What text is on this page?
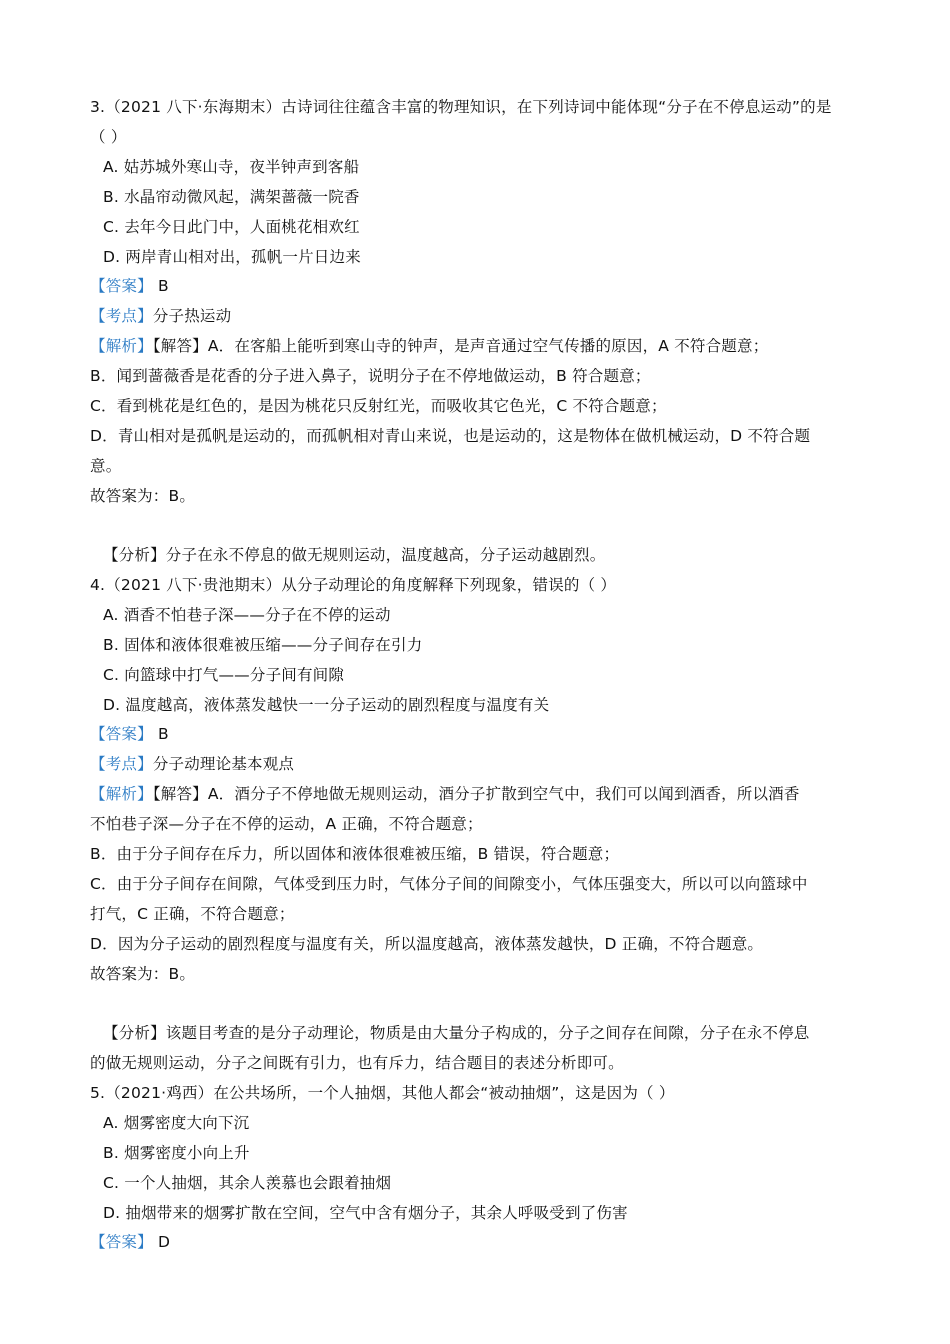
3.（2021 八下·东海期末）古诗词往往蕴含丰富的物理知识，在下列诗词中能体现“分子在不停息运动”的是
（ ）
A. 姑苏城外寒山寺，夜半钟声到客船
B. 水晶帘动微风起，满架蔷薇一院香
C. 去年今日此门中，人面桃花相欢红
D. 两岸青山相对出，孤帆一片日边来
【答案】 B
【考点】分子热运动
【解析】【解答】A．在客船上能听到寒山寺的钟声，是声音通过空气传播的原因，A 不符合题意；
B．闻到蔷薇香是花香的分子进入鼻子，说明分子在不停地做运动，B 符合题意；
C．看到桃花是红色的，是因为桃花只反射红光，而吸收其它色光，C 不符合题意；
D．青山相对是孤帆是运动的，而孤帆相对青山来说，也是运动的，这是物体在做机械运动，D 不符合题
意。
故答案为：B。
【分析】分子在永不停息的做无规则运动，温度越高，分子运动越剧烈。
4.（2021 八下·贵池期末）从分子动理论的角度解释下列现象，错误的（ ）
A. 酒香不怕巷子深——分子在不停的运动
B. 固体和液体很难被压缩——分子间存在引力
C. 向篮球中打气——分子间有间隙
D. 温度越高，液体蒸发越快一一分子运动的剧烈程度与温度有关
【答案】 B
【考点】分子动理论基本观点
【解析】【解答】A．酒分子不停地做无规则运动，酒分子扩散到空气中，我们可以闻到酒香，所以酒香
不怕巷子深—分子在不停的运动，A 正确，不符合题意；
B．由于分子间存在斥力，所以固体和液体很难被压缩，B 错误，符合题意；
C．由于分子间存在间隙，气体受到压力时，气体分子间的间隙变小，气体压强变大，所以可以向篮球中
打气，C 正确，不符合题意；
D．因为分子运动的剧烈程度与温度有关，所以温度越高，液体蒸发越快，D 正确，不符合题意。
故答案为：B。
【分析】该题目考查的是分子动理论，物质是由大量分子构成的，分子之间存在间隙，分子在永不停息
的做无规则运动，分子之间既有引力，也有斥力，结合题目的表述分析即可。
5.（2021·鸡西）在公共场所，一个人抽烟，其他人都会“被动抽烟”，这是因为（ ）
A. 烟雾密度大向下沉
B. 烟雾密度小向上升
C. 一个人抽烟，其余人羡慕也会跟着抽烟
D. 抽烟带来的烟雾扩散在空间，空气中含有烟分子，其余人呼吸受到了伤害
【答案】 D
